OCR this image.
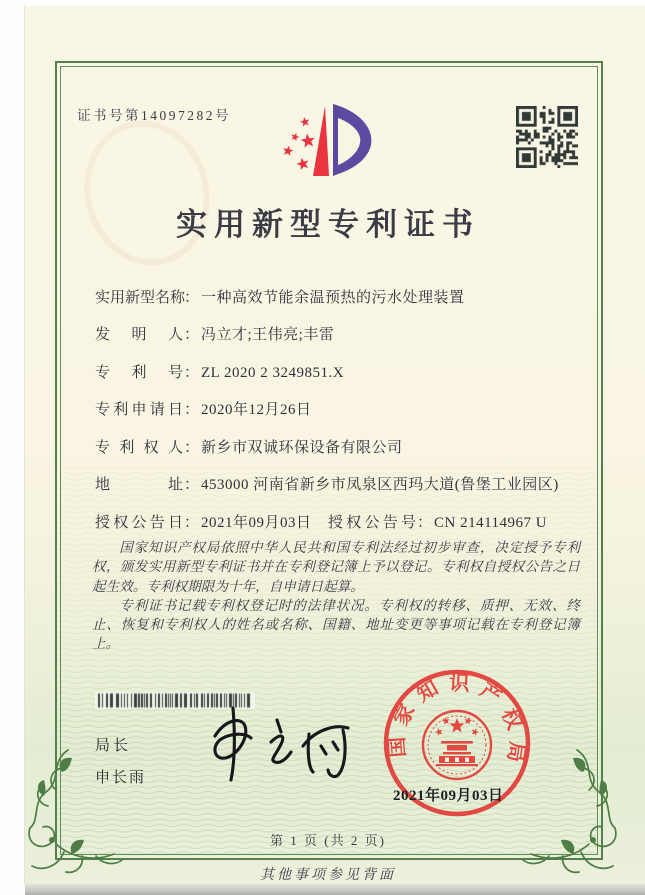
证书号第14097282号
实用新型专利证书
实用新型名称： 一种高效节能余温预热的污水处理装置
发明人： 冯立才;王伟亮;丰雷
专利号： ZL 2020 2 3249851.X
专利申请日： 2020年12月26日
专利权人： 新乡市双诚环保设备有限公司
地址： 453000 河南省新乡市凤泉区西玛大道(鲁堡工业园区)
授权公告日： 2021年09月03日 授权公告号： CN 214114967 U

国家知识产权局依照中华人民共和国专利法经过初步审查，决定授予专利权，颁发实用新型专利证书并在专利登记簿上予以登记。专利权自授权公告之日起生效。专利权期限为十年，自申请日起算。

专利证书记载专利权登记时的法律状况。专利权的转移、质押、无效、终止、恢复和专利权人的姓名或名称、国籍、地址变更等事项记载在专利登记簿上。

局长
申长雨
国家知识产权局
2021年09月03日
第 1 页 (共 2 页)
其他事项参见背面
